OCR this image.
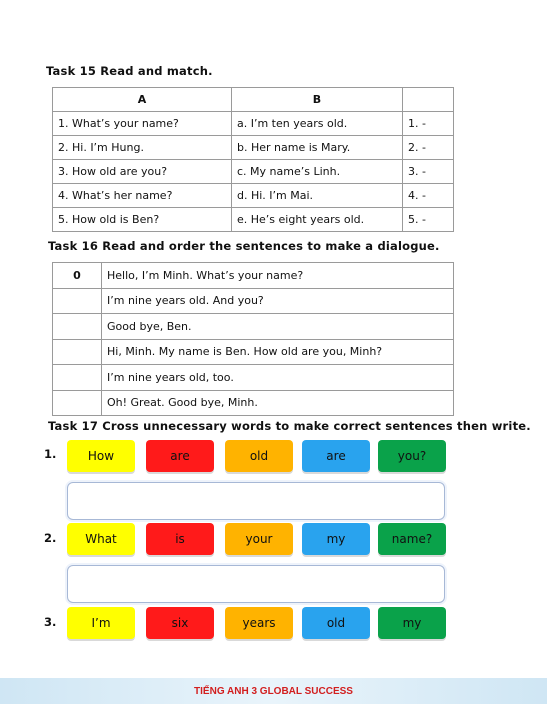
Task 15 Read and match.
A	B	
1. What’s your name?	a. I’m ten years old.	1. -
2. Hi. I’m Hung.	b. Her name is Mary.	2. -
3. How old are you?	c. My name’s Linh.	3. -
4. What’s her name?	d. Hi. I’m Mai.	4. -
5. How old is Ben?	e. He’s eight years old.	5. -
Task 16 Read and order the sentences to make a dialogue.
0	Hello, I’m Minh. What’s your name?
	I’m nine years old. And you?
	Good bye, Ben.
	Hi, Minh. My name is Ben. How old are you, Minh?
	I’m nine years old, too.
	Oh! Great. Good bye, Minh.
Task 17 Cross unnecessary words to make correct sentences then write.
1.	How	are	old	are	you?
2.	What	is	your	my	name?
3.	I’m	six	years	old	my
TIẾNG ANH 3 GLOBAL SUCCESS
